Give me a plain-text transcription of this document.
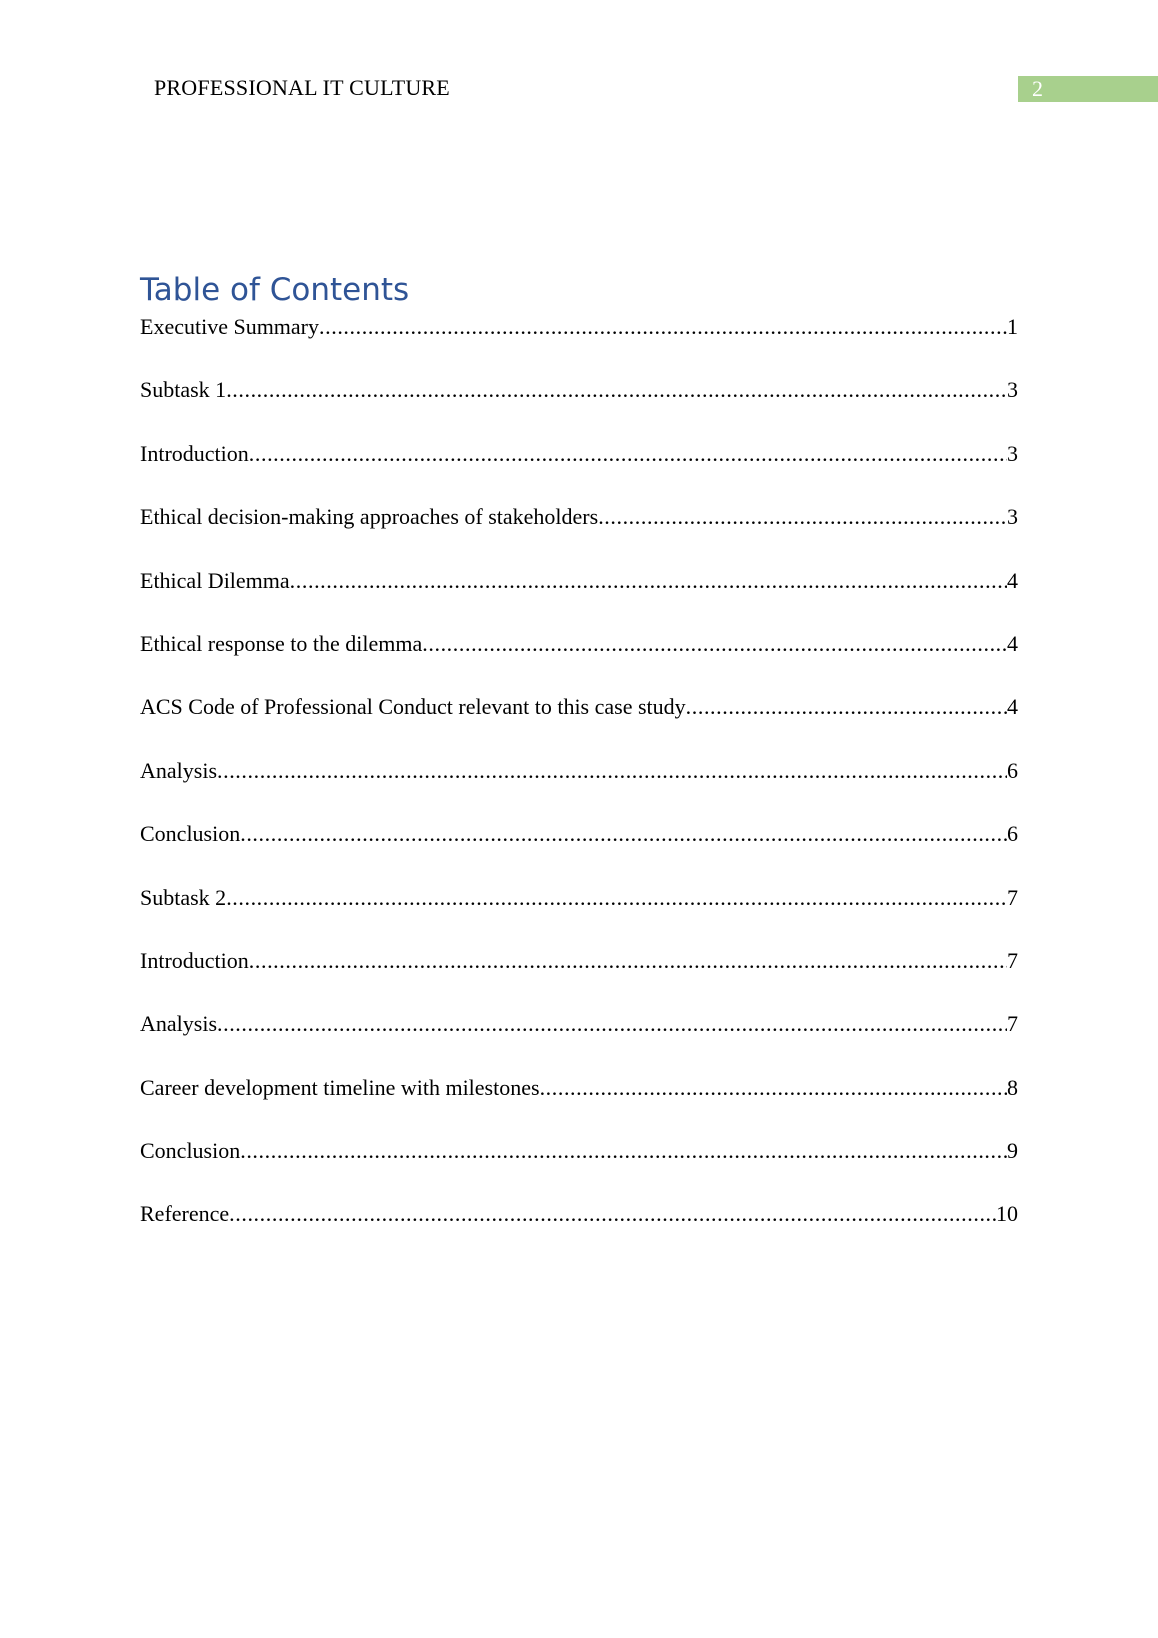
PROFESSIONAL IT CULTURE	2
Table of Contents
Executive Summary .....	1
Subtask 1 .....	3
Introduction .....	3
Ethical decision-making approaches of stakeholders .....	3
Ethical Dilemma .....	4
Ethical response to the dilemma .....	4
ACS Code of Professional Conduct relevant to this case study .....	4
Analysis .....	6
Conclusion .....	6
Subtask 2 .....	7
Introduction .....	7
Analysis .....	7
Career development timeline with milestones .....	8
Conclusion .....	9
Reference .....	10
